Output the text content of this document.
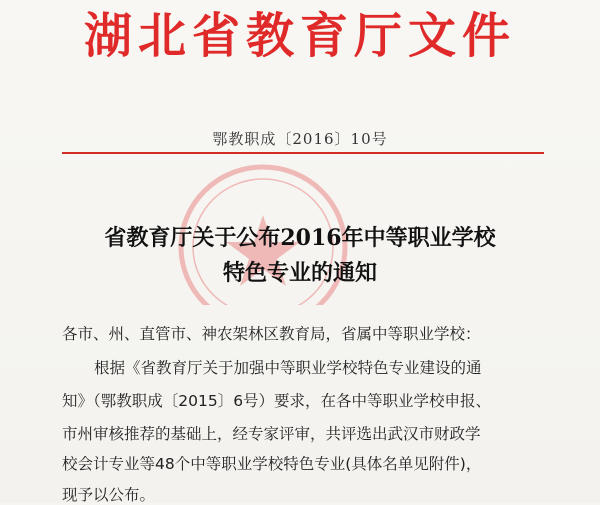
湖北省教育厅文件
鄂教职成〔2016〕10号
省教育厅关于公布2016年中等职业学校
特色专业的通知
各市、州、直管市、神农架林区教育局，省属中等职业学校：
根据《省教育厅关于加强中等职业学校特色专业建设的通
知》（鄂教职成〔2015〕6号）要求，在各中等职业学校申报、
市州审核推荐的基础上，经专家评审，共评选出武汉市财政学
校会计专业等48个中等职业学校特色专业(具体名单见附件)，
现予以公布。
